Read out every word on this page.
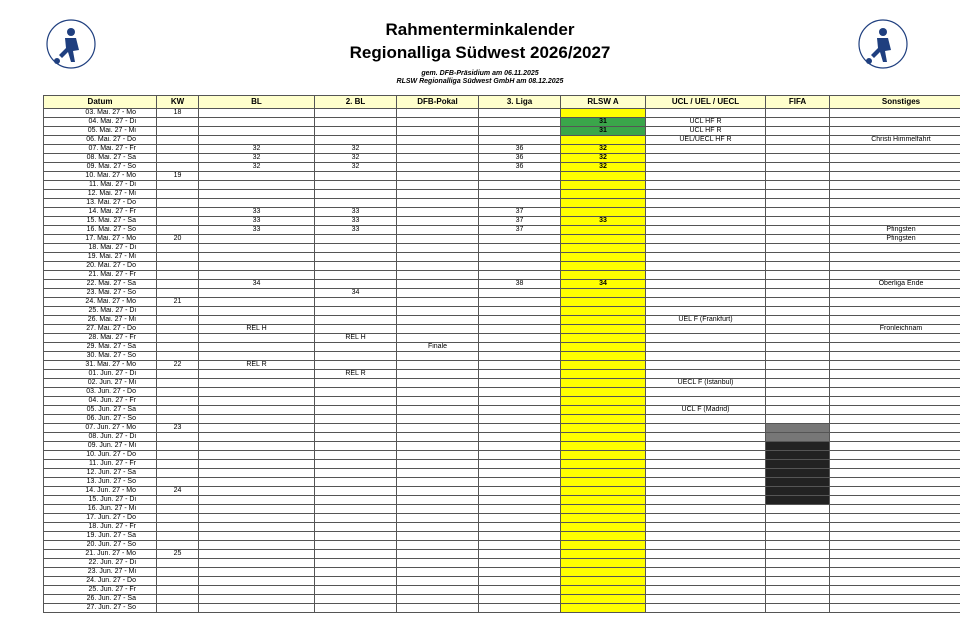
Rahmenterminkalender
Regionalliga Südwest 2026/2027
gem. DFB-Präsidium am 06.11.2025
RLSW Regionalliga Südwest GmbH am 08.12.2025
Datum	KW	BL	2. BL	DFB-Pokal	3. Liga	RLSW A	UCL / UEL / UECL	FIFA	Sonstiges
03. Mai. 27 - Mo	18								
04. Mai. 27 - Di						31	UCL HF R		
05. Mai. 27 - Mi						31	UCL HF R		
06. Mai. 27 - Do							UEL/UECL HF R		Christi Himmelfahrt
07. Mai. 27 - Fr		32	32		36	32			
08. Mai. 27 - Sa		32	32		36	32			
09. Mai. 27 - So		32	32		36	32			
10. Mai. 27 - Mo	19								
11. Mai. 27 - Di									
12. Mai. 27 - Mi									
13. Mai. 27 - Do									
14. Mai. 27 - Fr		33	33		37				
15. Mai. 27 - Sa		33	33		37	33			
16. Mai. 27 - So		33	33		37				Pfingsten
17. Mai. 27 - Mo	20								Pfingsten
18. Mai. 27 - Di									
19. Mai. 27 - Mi									
20. Mai. 27 - Do									
21. Mai. 27 - Fr									
22. Mai. 27 - Sa		34			38	34			Oberliga Ende
23. Mai. 27 - So			34						
24. Mai. 27 - Mo	21								
25. Mai. 27 - Di									
26. Mai. 27 - Mi							UEL F (Frankfurt)		
27. Mai. 27 - Do		REL H							Fronleichnam
28. Mai. 27 - Fr			REL H						
29. Mai. 27 - Sa				Finale					
30. Mai. 27 - So									
31. Mai. 27 - Mo	22	REL R							
01. Jun. 27 - Di			REL R						
02. Jun. 27 - Mi							UECL F (Istanbul)		
03. Jun. 27 - Do									
04. Jun. 27 - Fr									
05. Jun. 27 - Sa							UCL F (Madrid)		
06. Jun. 27 - So									
07. Jun. 27 - Mo	23								
08. Jun. 27 - Di									
09. Jun. 27 - Mi									
10. Jun. 27 - Do									
11. Jun. 27 - Fr									
12. Jun. 27 - Sa									
13. Jun. 27 - So									
14. Jun. 27 - Mo	24								
15. Jun. 27 - Di									
16. Jun. 27 - Mi									
17. Jun. 27 - Do									
18. Jun. 27 - Fr									
19. Jun. 27 - Sa									
20. Jun. 27 - So									
21. Jun. 27 - Mo	25								
22. Jun. 27 - Di									
23. Jun. 27 - Mi									
24. Jun. 27 - Do									
25. Jun. 27 - Fr									
26. Jun. 27 - Sa									
27. Jun. 27 - So									
